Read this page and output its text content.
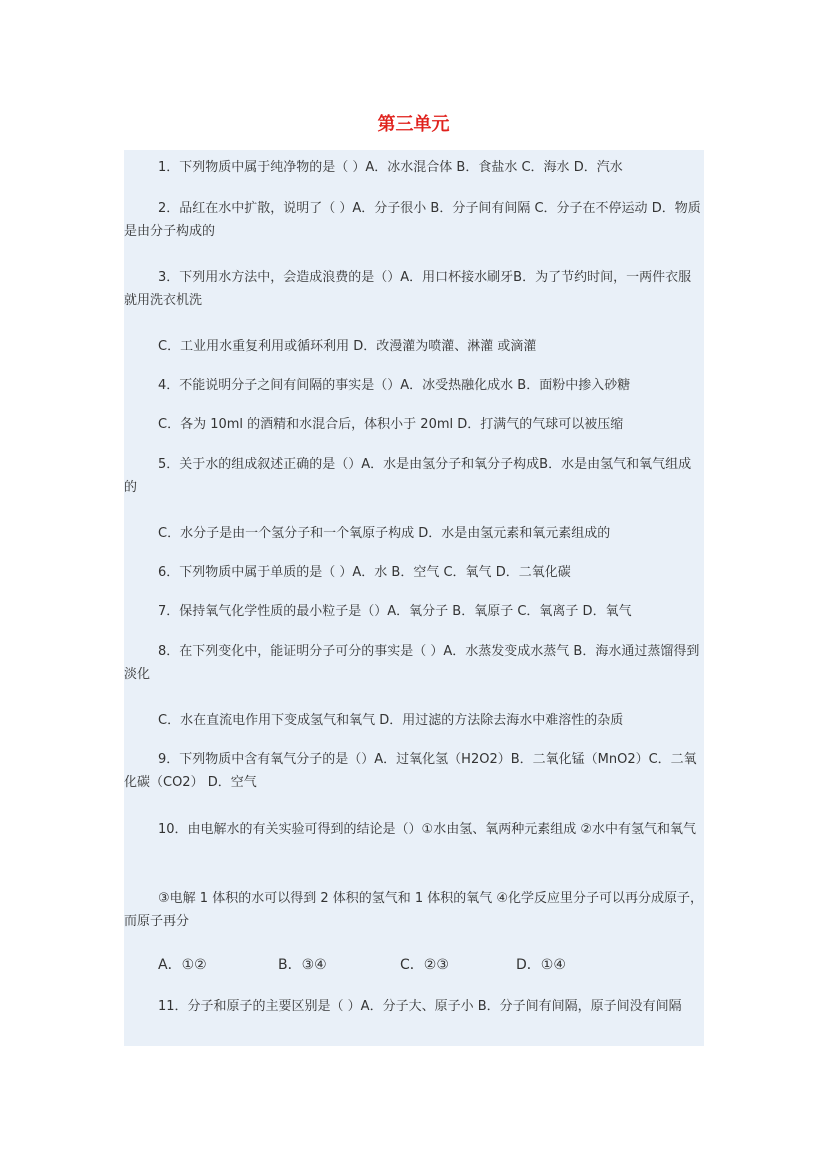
第三单元

1．下列物质中属于纯净物的是（ ）A．冰水混合体 B．食盐水 C．海水 D．汽水

2．品红在水中扩散，说明了（ ）A．分子很小 B．分子间有间隔 C．分子在不停运动 D．物质是由分子构成的

3．下列用水方法中，会造成浪费的是（）A．用口杯接水刷牙B．为了节约时间，一两件衣服就用洗衣机洗

C．工业用水重复利用或循环利用 D．改漫灌为喷灌、淋灌 或滴灌

4．不能说明分子之间有间隔的事实是（）A．冰受热融化成水 B．面粉中掺入砂糖

C．各为 10ml 的酒精和水混合后，体积小于 20ml D．打满气的气球可以被压缩

5．关于水的组成叙述正确的是（）A．水是由氢分子和氧分子构成B．水是由氢气和氧气组成的

C．水分子是由一个氢分子和一个氧原子构成 D．水是由氢元素和氧元素组成的

6．下列物质中属于单质的是（ ）A．水 B．空气 C．氧气 D．二氧化碳

7．保持氧气化学性质的最小粒子是（）A．氧分子 B．氧原子 C．氧离子 D．氧气

8．在下列变化中，能证明分子可分的事实是（ ）A．水蒸发变成水蒸气 B．海水通过蒸馏得到淡化

C．水在直流电作用下变成氢气和氧气 D．用过滤的方法除去海水中难溶性的杂质

9．下列物质中含有氧气分子的是（）A．过氧化氢（H2O2）B．二氧化锰（MnO2）C．二氧化碳（CO2） D．空气

10．由电解水的有关实验可得到的结论是（）①水由氢、氧两种元素组成 ②水中有氢气和氧气

③电解 1 体积的水可以得到 2 体积的氢气和 1 体积的氧气 ④化学反应里分子可以再分成原子，而原子再分

A．①②	B．③④	C．②③	D．①④

11．分子和原子的主要区别是（ ）A．分子大、原子小 B．分子间有间隔，原子间没有间隔
